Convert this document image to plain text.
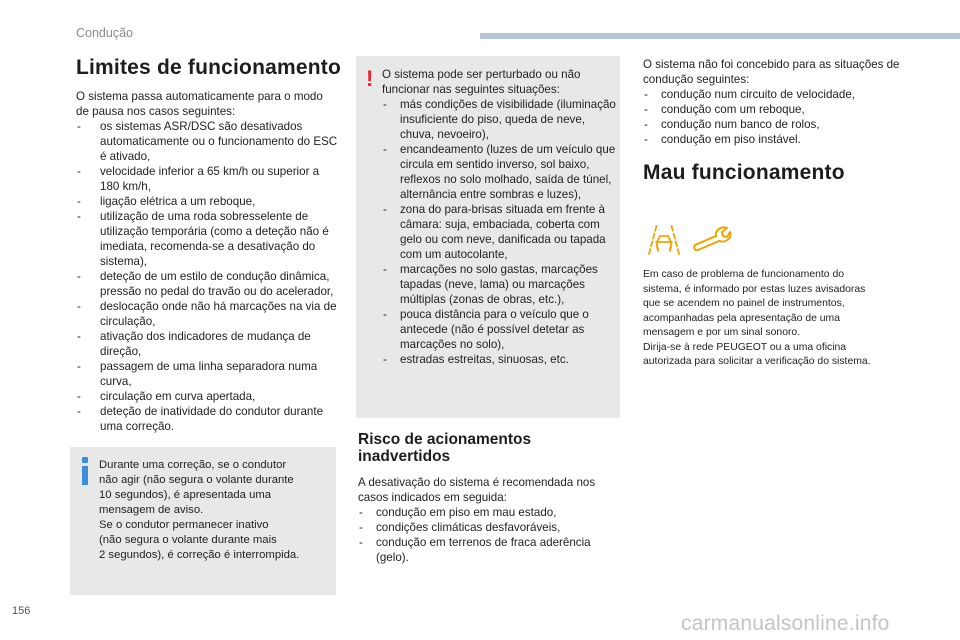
Condução
Limites de funcionamento

O sistema passa automaticamente para o modo de pausa nos casos seguintes:

- os sistemas ASR/DSC são desativados automaticamente ou o funcionamento do ESC é ativado,
- velocidade inferior a 65 km/h ou superior a 180 km/h,
- ligação elétrica a um reboque,
- utilização de uma roda sobresselente de utilização temporária (como a deteção não é imediata, recomenda-se a desativação do sistema),
- deteção de um estilo de condução dinâmica, pressão no pedal do travão ou do acelerador,
- deslocação onde não há marcações na via de circulação,
- ativação dos indicadores de mudança de direção,
- passagem de uma linha separadora numa curva,
- circulação em curva apertada,
- deteção de inatividade do condutor durante uma correção.
Durante uma correção, se o condutor
não agir (não segura o volante durante
10 segundos), é apresentada uma
mensagem de aviso.
Se o condutor permanecer inativo
(não segura o volante durante mais
2 segundos), é correção é interrompida.
! O sistema pode ser perturbado ou não funcionar nas seguintes situações:

- más condições de visibilidade (iluminação insuficiente do piso, queda de neve, chuva, nevoeiro),
- encandeamento (luzes de um veículo que circula em sentido inverso, sol baixo, reflexos no solo molhado, saída de túnel, alternância entre sombras e luzes),
- zona do para-brisas situada em frente à câmara: suja, embaciada, coberta com gelo ou com neve, danificada ou tapada com um autocolante,
- marcações no solo gastas, marcações tapadas (neve, lama) ou marcações múltiplas (zonas de obras, etc.),
- pouca distância para o veículo que o antecede (não é possível detetar as marcações no solo),
- estradas estreitas, sinuosas, etc.
Risco de acionamentos inadvertidos

A desativação do sistema é recomendada nos casos indicados em seguida:

- condução em piso em mau estado,
- condições climáticas desfavoráveis,
- condução em terrenos de fraca aderência (gelo).

O sistema não foi concebido para as situações de condução seguintes:

- condução num circuito de velocidade,
- condução com um reboque,
- condução num banco de rolos,
- condução em piso instável.
Mau funcionamento

Em caso de problema de funcionamento do
sistema, é informado por estas luzes avisadoras
que se acendem no painel de instrumentos,
acompanhadas pela apresentação de uma
mensagem e por um sinal sonoro.

Dirija-se à rede PEUGEOT ou a uma oficina
autorizada para solicitar a verificação do sistema.

156
carmanualsonline.info
